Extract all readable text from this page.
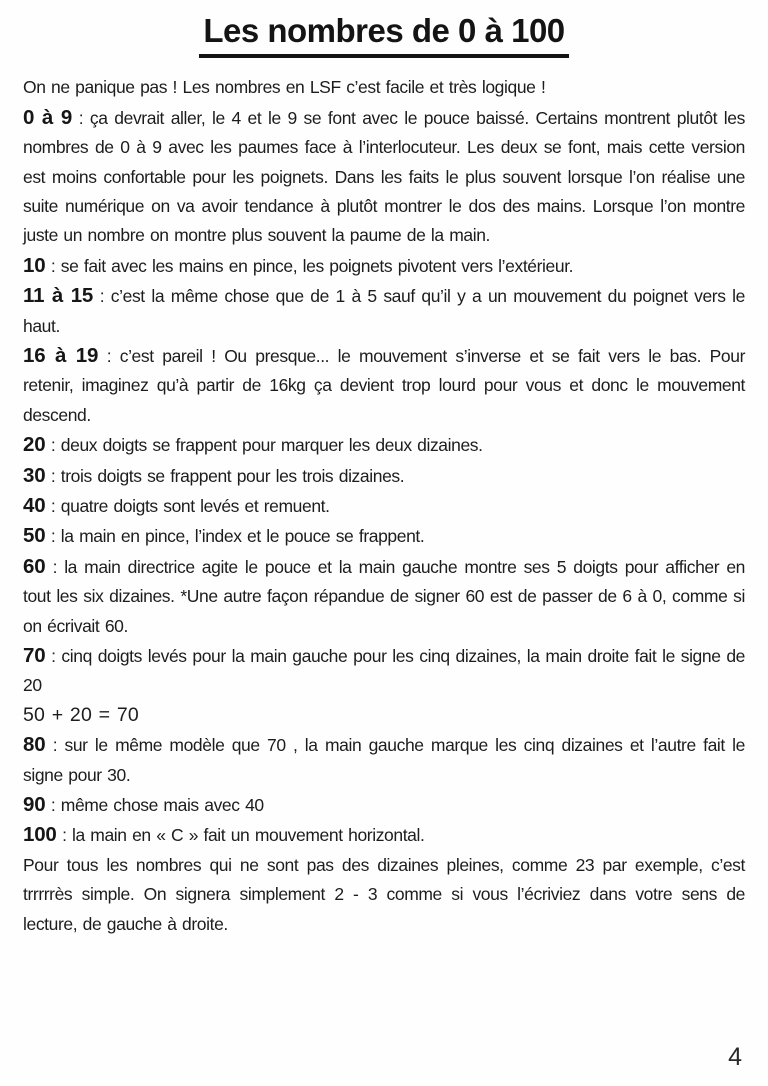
Les nombres de 0 à 100

On ne panique pas ! Les nombres en LSF c’est facile et très logique !

0 à 9 : ça devrait aller, le 4 et le 9 se font avec le pouce baissé. Certains montrent plutôt les nombres de 0 à 9 avec les paumes face à l’interlocuteur. Les deux se font, mais cette version est moins confortable pour les poignets. Dans les faits le plus souvent lorsque l’on réalise une suite numérique on va avoir tendance à plutôt montrer le dos des mains. Lorsque l’on montre juste un nombre on montre plus souvent la paume de la main.

10 : se fait avec les mains en pince, les poignets pivotent vers l’extérieur.

11 à 15 : c’est la même chose que de 1 à 5 sauf qu’il y a un mouvement du poignet vers le haut.

16 à 19 : c’est pareil ! Ou presque... le mouvement s’inverse et se fait vers le bas. Pour retenir, imaginez qu’à partir de 16kg ça devient trop lourd pour vous et donc le mouvement descend.

20 : deux doigts se frappent pour marquer les deux dizaines.

30 : trois doigts se frappent pour les trois dizaines.

40 : quatre doigts sont levés et remuent.

50 : la main en pince, l’index et le pouce se frappent.

60 : la main directrice agite le pouce et la main gauche montre ses 5 doigts pour afficher en tout les six dizaines. *Une autre façon répandue de signer 60 est de passer de 6 à 0, comme si on écrivait 60.

70 : cinq doigts levés pour la main gauche pour les cinq dizaines, la main droite fait le signe de 20

50 + 20 = 70

80 : sur le même modèle que 70 , la main gauche marque les cinq dizaines et l’autre fait le signe pour 30.

90 : même chose mais avec 40

100 : la main en « C » fait un mouvement horizontal.

Pour tous les nombres qui ne sont pas des dizaines pleines, comme 23 par exemple, c’est trrrrrès simple. On signera simplement 2 - 3 comme si vous l’écriviez dans votre sens de lecture, de gauche à droite.

4
